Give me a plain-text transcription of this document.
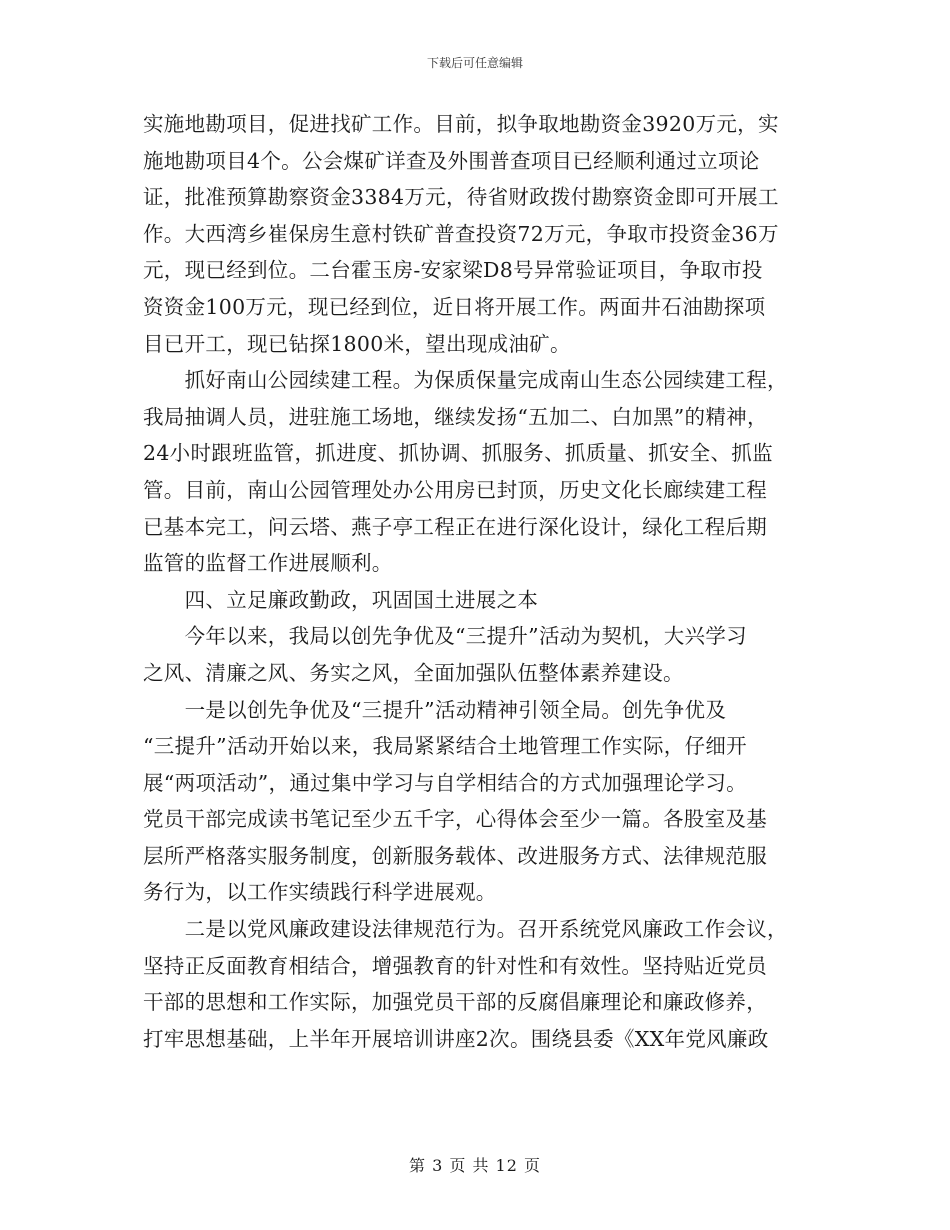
下载后可任意编辑
实施地勘项目，促进找矿工作。目前，拟争取地勘资金3920万元，实
施地勘项目4个。公会煤矿详查及外围普查项目已经顺利通过立项论
证，批准预算勘察资金3384万元，待省财政拨付勘察资金即可开展工
作。大西湾乡崔保房生意村铁矿普查投资72万元，争取市投资金36万
元，现已经到位。二台霍玉房-安家梁D8号异常验证项目，争取市投
资资金100万元，现已经到位，近日将开展工作。两面井石油勘探项
目已开工，现已钻探1800米，望出现成油矿。
　　抓好南山公园续建工程。为保质保量完成南山生态公园续建工程，
我局抽调人员，进驻施工场地，继续发扬“五加二、白加黑”的精神，
24小时跟班监管，抓进度、抓协调、抓服务、抓质量、抓安全、抓监
管。目前，南山公园管理处办公用房已封顶，历史文化长廊续建工程
已基本完工，问云塔、燕子亭工程正在进行深化设计，绿化工程后期
监管的监督工作进展顺利。
　　四、立足廉政勤政，巩固国土进展之本
　　今年以来，我局以创先争优及“三提升”活动为契机，大兴学习
之风、清廉之风、务实之风，全面加强队伍整体素养建设。
　　一是以创先争优及“三提升”活动精神引领全局。创先争优及
“三提升”活动开始以来，我局紧紧结合土地管理工作实际，仔细开
展“两项活动”，通过集中学习与自学相结合的方式加强理论学习。
党员干部完成读书笔记至少五千字，心得体会至少一篇。各股室及基
层所严格落实服务制度，创新服务载体、改进服务方式、法律规范服
务行为，以工作实绩践行科学进展观。
　　二是以党风廉政建设法律规范行为。召开系统党风廉政工作会议，
坚持正反面教育相结合，增强教育的针对性和有效性。坚持贴近党员
干部的思想和工作实际，加强党员干部的反腐倡廉理论和廉政修养，
打牢思想基础，上半年开展培训讲座2次。围绕县委《XX年党风廉政
第 3 页 共 12 页
